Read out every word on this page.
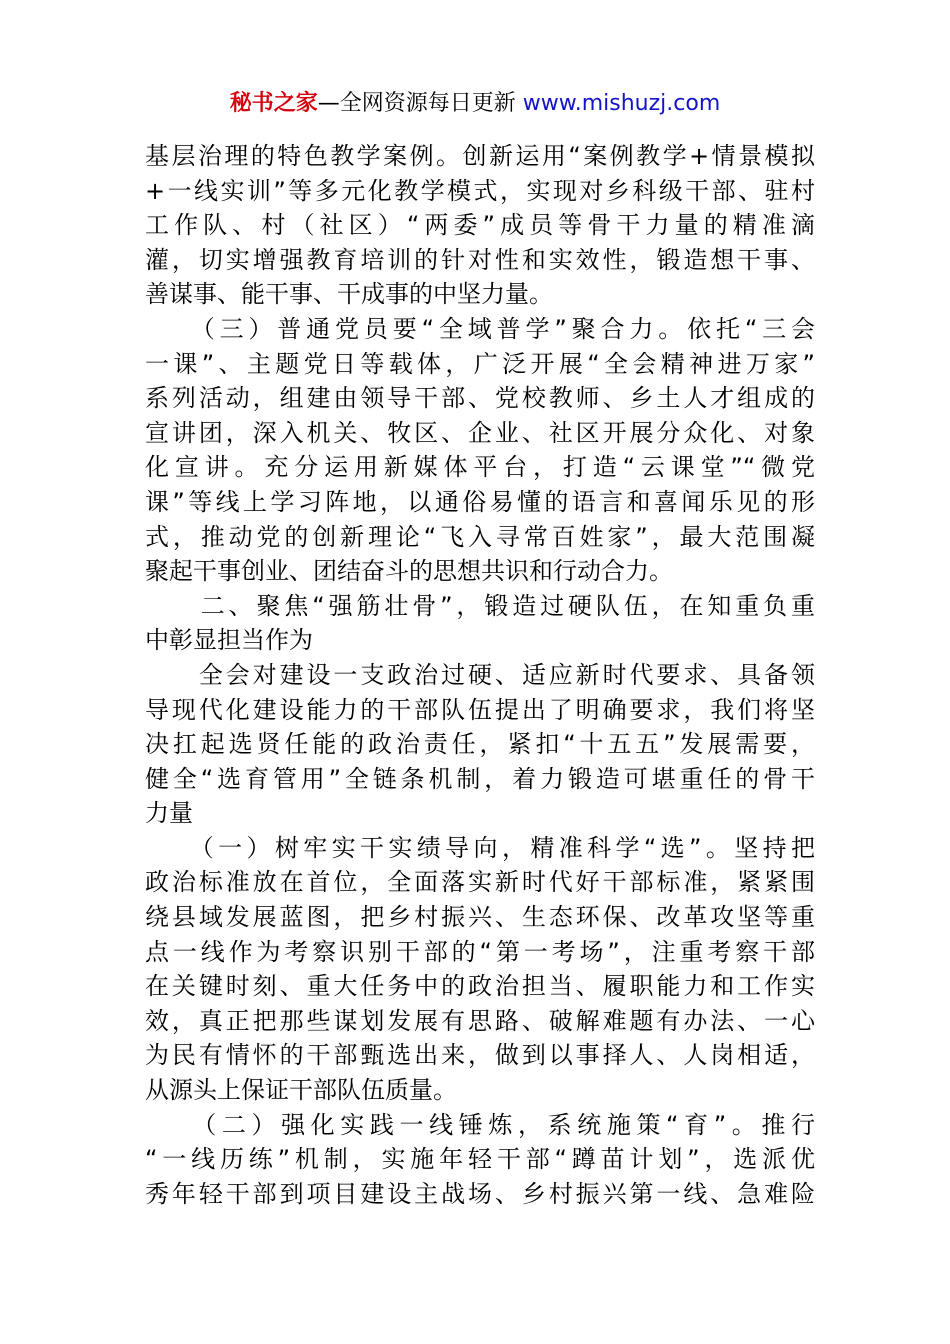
秘书之家—全网资源每日更新 www.mishuzj.com
基层治理的特色教学案例。创新运用“案例教学+情景模拟
+一线实训”等多元化教学模式，实现对乡科级干部、驻村
工作队、村（社区）“两委”成员等骨干力量的精准滴
灌，切实增强教育培训的针对性和实效性，锻造想干事、
善谋事、能干事、干成事的中坚力量。
　　（三）普通党员要“全域普学”聚合力。依托“三会
一课”、主题党日等载体，广泛开展“全会精神进万家”
系列活动，组建由领导干部、党校教师、乡土人才组成的
宣讲团，深入机关、牧区、企业、社区开展分众化、对象
化宣讲。充分运用新媒体平台，打造“云课堂”“微党
课”等线上学习阵地，以通俗易懂的语言和喜闻乐见的形
式，推动党的创新理论“飞入寻常百姓家”，最大范围凝
聚起干事创业、团结奋斗的思想共识和行动合力。
　　二、聚焦“强筋壮骨”，锻造过硬队伍，在知重负重
中彰显担当作为
　　全会对建设一支政治过硬、适应新时代要求、具备领
导现代化建设能力的干部队伍提出了明确要求，我们将坚
决扛起选贤任能的政治责任，紧扣“十五五”发展需要，
健全“选育管用”全链条机制，着力锻造可堪重任的骨干
力量
　　（一）树牢实干实绩导向，精准科学“选”。坚持把
政治标准放在首位，全面落实新时代好干部标准，紧紧围
绕县域发展蓝图，把乡村振兴、生态环保、改革攻坚等重
点一线作为考察识别干部的“第一考场”，注重考察干部
在关键时刻、重大任务中的政治担当、履职能力和工作实
效，真正把那些谋划发展有思路、破解难题有办法、一心
为民有情怀的干部甄选出来，做到以事择人、人岗相适，
从源头上保证干部队伍质量。
　　（二）强化实践一线锤炼，系统施策“育”。推行
“一线历练”机制，实施年轻干部“蹲苗计划”，选派优
秀年轻干部到项目建设主战场、乡村振兴第一线、急难险
